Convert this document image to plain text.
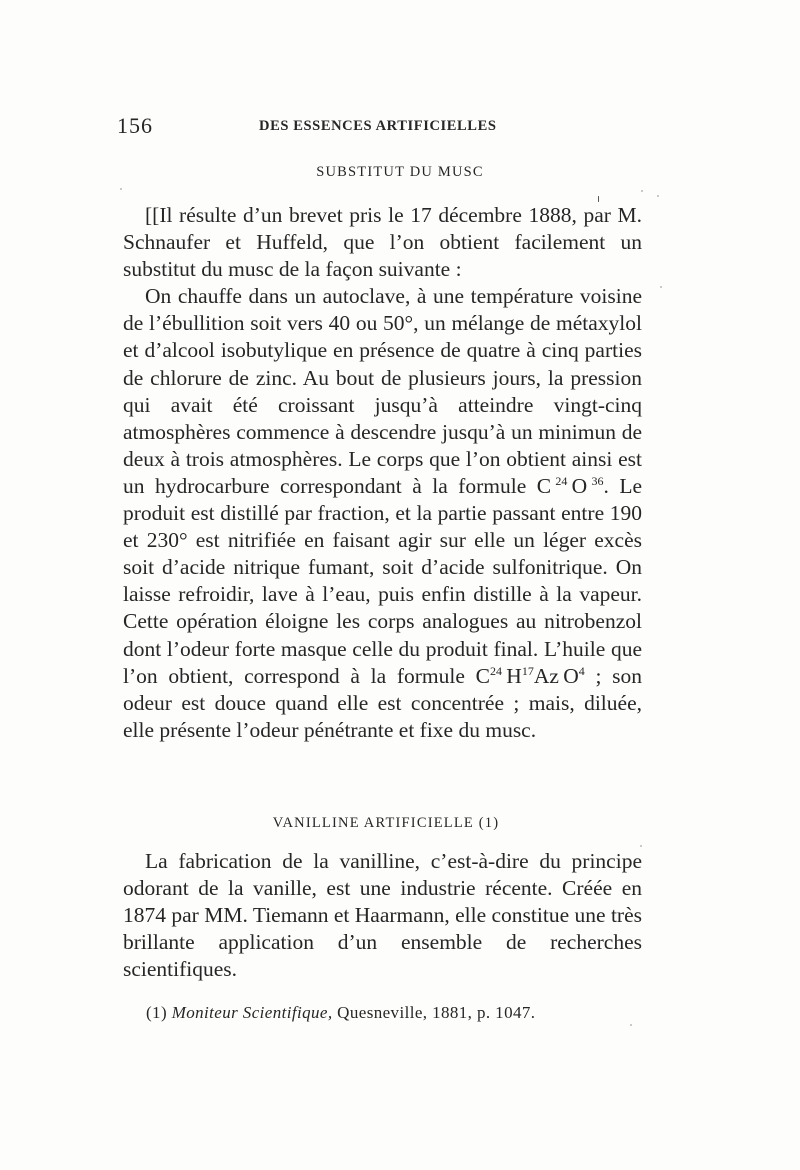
156	DES ESSENCES ARTIFICIELLES
SUBSTITUT DU MUSC

[[Il résulte d’un brevet pris le 17 décembre 1888, par M. Schnaufer et Huffeld, que l’on obtient facilement un substitut du musc de la façon suivante :

On chauffe dans un autoclave, à une température voisine de l’ébullition soit vers 40 ou 50°, un mélange de métaxylol et d’alcool isobutylique en présence de quatre à cinq parties de chlorure de zinc. Au bout de plusieurs jours, la pression qui avait été croissant jusqu’à atteindre vingt-cinq atmosphères commence à descendre jusqu’à un minimun de deux à trois atmosphères. Le corps que l’on obtient ainsi est un hydrocarbure correspondant à la formule C  $^{24}$  O  $^{36}$. Le produit est distillé par fraction, et la partie passant entre 190 et 230° est nitrifiée en faisant agir sur elle un léger excès soit d’acide nitrique fumant, soit d’acide sulfonitrique. On laisse refroidir, lave à l’eau, puis enfin distille à la vapeur. Cette opération éloigne les corps analogues au nitrobenzol dont l’odeur forte masque celle du produit final. L’huile que l’on obtient, correspond à la formule $C^{24}$  $H^{17}Az$  $O^4$ ; son odeur est douce quand elle est concentrée ; mais, diluée, elle présente l’odeur pénétrante et fixe du musc.

VANILLINE ARTIFICIELLE (1)

La fabrication de la vanilline, c’est-à-dire du principe odorant de la vanille, est une industrie récente. Créée en 1874 par MM. Tiemann et Haarmann, elle constitue une très brillante application d’un ensemble de recherches scientifiques.

(1) Moniteur Scientifique, Quesneville, 1881, p. 1047.
